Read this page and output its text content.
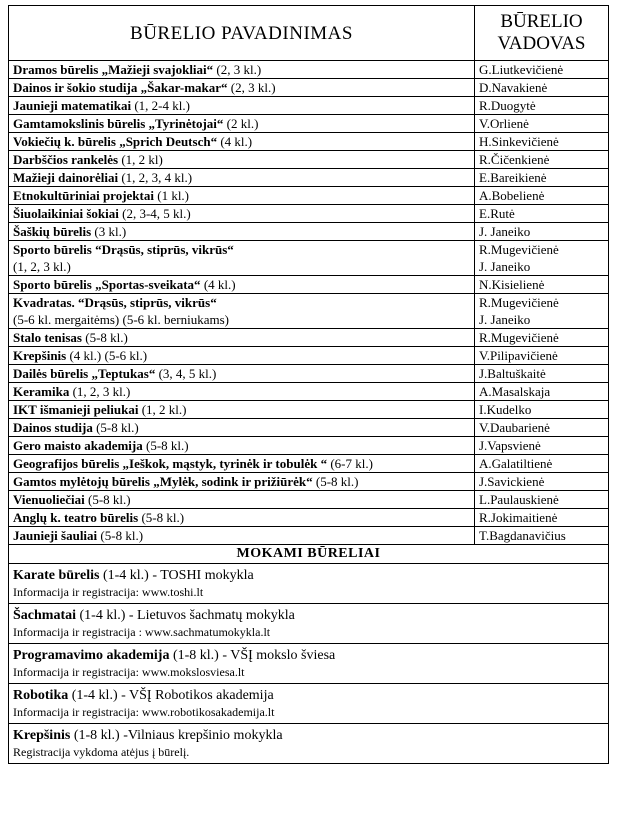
BŪRELIO PAVADINIMAS	BŪRELIO
VADOVAS

Dramos būrelis „Mažieji svajokliai“ (2, 3 kl.)	G.Liutkevičienė

Dainos ir šokio studija „Šakar-makar“ (2, 3 kl.)	D.Navakienė

Jaunieji matematikai (1, 2-4 kl.)	R.Duogytė

Gamtamokslinis būrelis „Tyrinėtojai“ (2 kl.)	V.Orlienė

Vokiečių k. būrelis „Sprich Deutsch“ (4 kl.)	H.Sinkevičienė

Darbščios rankelės (1, 2 kl)	R.Čičenkienė

Mažieji dainorėliai (1, 2, 3, 4 kl.)	E.Bareikienė

Etnokultūriniai projektai (1 kl.)	A.Bobelienė

Šiuolaikiniai šokiai (2, 3-4, 5 kl.)	E.Rutė

Šaškių būrelis (3 kl.)	J. Janeiko

Sporto būrelis “Drąsūs, stiprūs, vikrūs“
(1, 2, 3 kl.)	R.Mugevičienė
J. Janeiko

Sporto būrelis „Sportas-sveikata“ (4 kl.)	N.Kisielienė

Kvadratas. “Drąsūs, stiprūs, vikrūs“
(5-6 kl. mergaitėms) (5-6 kl. berniukams)	R.Mugevičienė
J. Janeiko

Stalo tenisas (5-8 kl.)	R.Mugevičienė

Krepšinis (4 kl.) (5-6 kl.)	V.Pilipavičienė

Dailės būrelis „Teptukas“ (3, 4, 5 kl.)	J.Baltuškaitė

Keramika (1, 2, 3 kl.)	A.Masalskaja

IKT išmanieji peliukai (1, 2 kl.)	I.Kudelko

Dainos studija (5-8 kl.)	V.Daubarienė

Gero maisto akademija (5-8 kl.)	J.Vapsvienė

Geografijos būrelis „Ieškok, mąstyk, tyrinėk ir tobulėk “ (6-7 kl.)	A.Galatiltienė

Gamtos mylėtojų būrelis „Mylėk, sodink ir prižiūrėk“ (5-8 kl.)	J.Savickienė

Vienuoliečiai (5-8 kl.)	L.Paulauskienė

Anglų k. teatro būrelis (5-8 kl.)	R.Jokimaitienė

Jaunieji šauliai (5-8 kl.)	T.Bagdanavičius

MOKAMI BŪRELIAI	

Karate būrelis (1-4 kl.) - TOSHI mokykla
Informacija ir registracija: www.toshi.lt	

Šachmatai (1-4 kl.) - Lietuvos šachmatų mokykla
Informacija ir registracija : www.sachmatumokykla.lt	

Programavimo akademija (1-8 kl.) - VŠĮ mokslo šviesa
Informacija ir registracija: www.mokslosviesa.lt	

Robotika (1-4 kl.) - VŠĮ Robotikos akademija
Informacija ir registracija: www.robotikosakademija.lt	

Krepšinis (1-8 kl.) -Vilniaus krepšinio mokykla
Registracija vykdoma atėjus į būrelį.	
